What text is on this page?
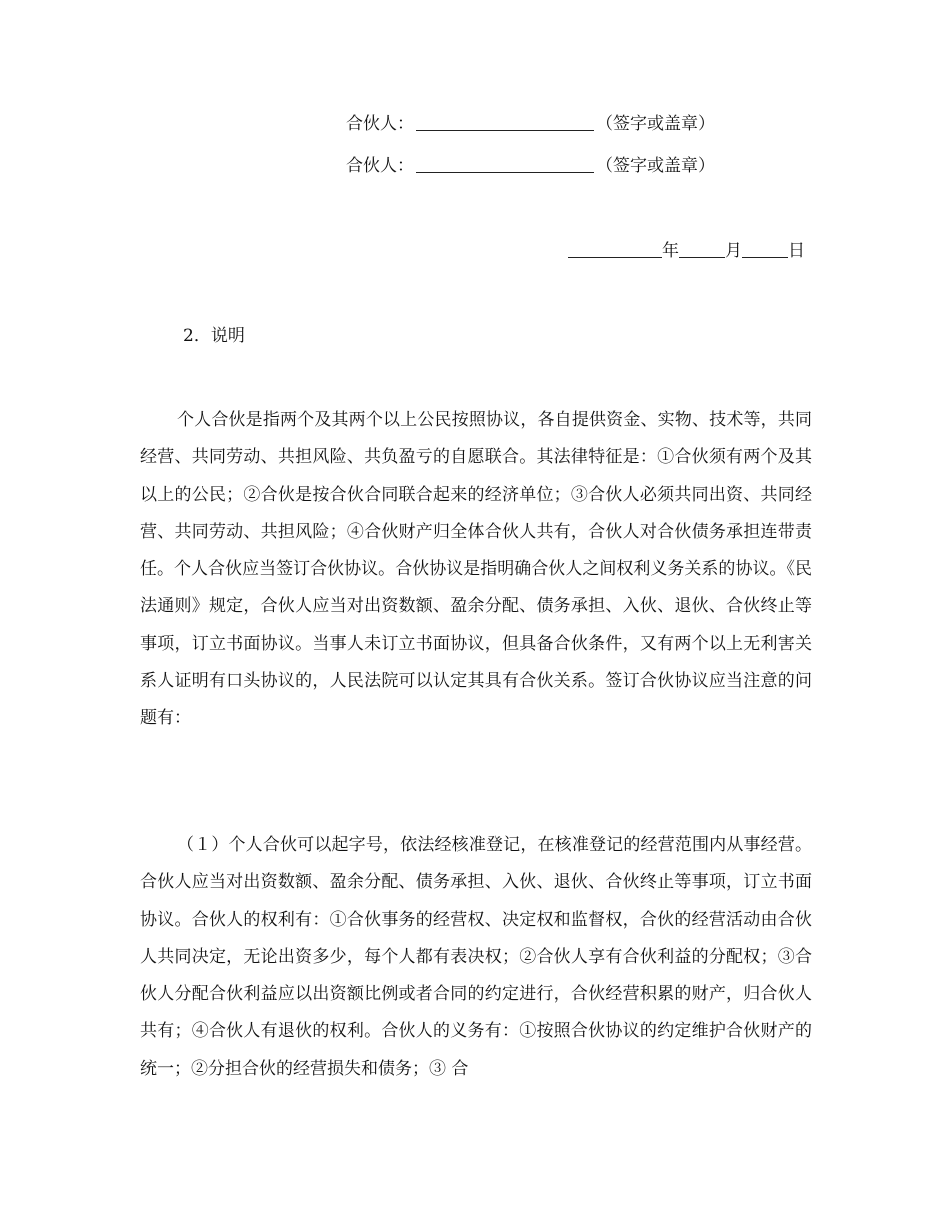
合伙人：	（签字或盖章）
合伙人：	（签字或盖章）
年	月	日
2．说明

个人合伙是指两个及其两个以上公民按照协议，各自提供资金、实物、技术等，共同经营、共同劳动、共担风险、共负盈亏的自愿联合。其法律特征是：①合伙须有两个及其以上的公民；②合伙是按合伙合同联合起来的经济单位；③合伙人必须共同出资、共同经营、共同劳动、共担风险；④合伙财产归全体合伙人共有，合伙人对合伙债务承担连带责任。个人合伙应当签订合伙协议。合伙协议是指明确合伙人之间权利义务关系的协议。《民法通则》规定，合伙人应当对出资数额、盈余分配、债务承担、入伙、退伙、合伙终止等事项，订立书面协议。当事人未订立书面协议，但具备合伙条件，又有两个以上无利害关系人证明有口头协议的，人民法院可以认定其具有合伙关系。签订合伙协议应当注意的问题有：

（１）个人合伙可以起字号，依法经核准登记，在核准登记的经营范围内从事经营。合伙人应当对出资数额、盈余分配、债务承担、入伙、退伙、合伙终止等事项，订立书面协议。合伙人的权利有：①合伙事务的经营权、决定权和监督权，合伙的经营活动由合伙人共同决定，无论出资多少，每个人都有表决权；②合伙人享有合伙利益的分配权；③合伙人分配合伙利益应以出资额比例或者合同的约定进行，合伙经营积累的财产，归合伙人共有；④合伙人有退伙的权利。合伙人的义务有：①按照合伙协议的约定维护合伙财产的统一；②分担合伙的经营损失和债务；③ 合
